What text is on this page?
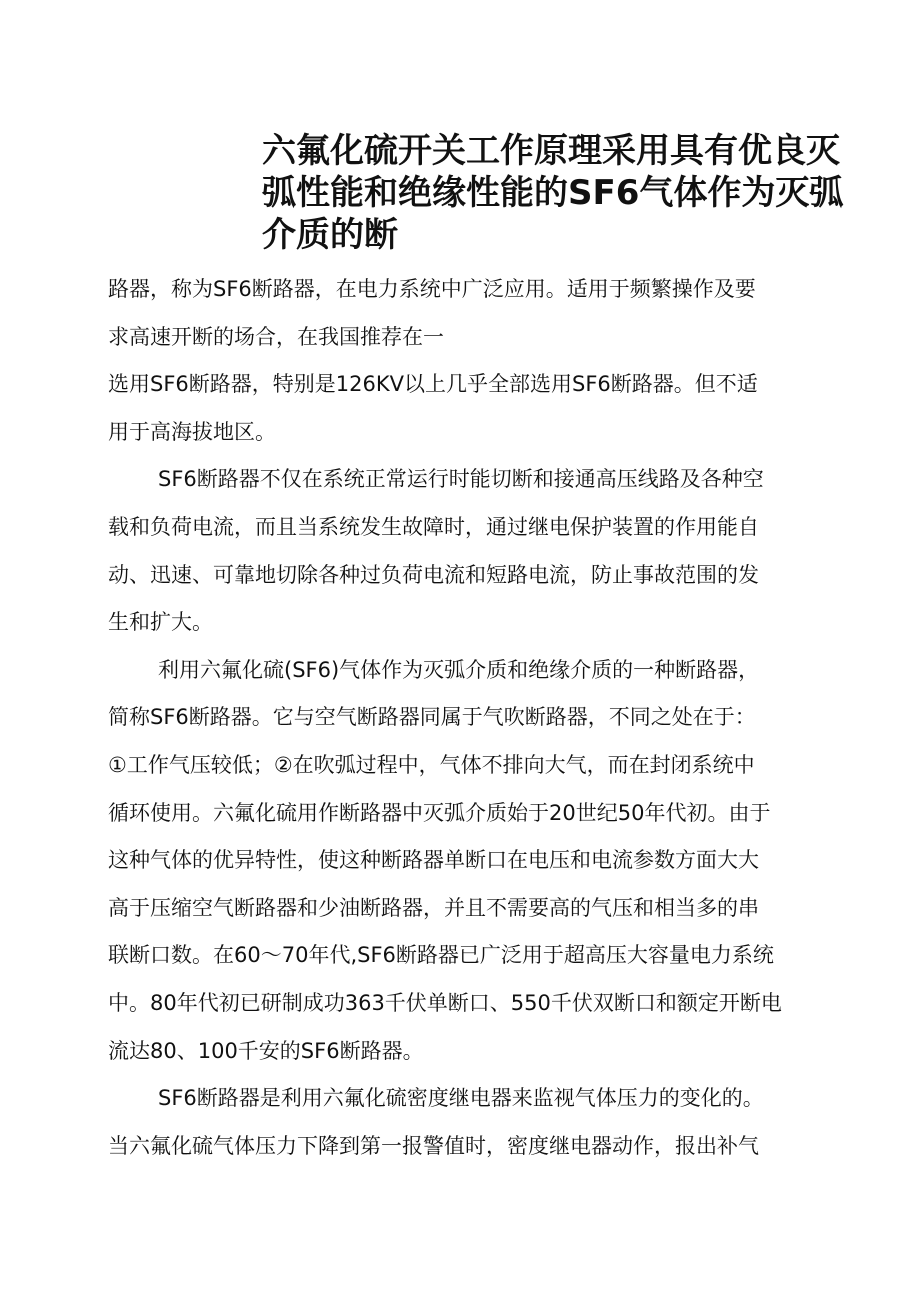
六氟化硫开关工作原理采用具有优良灭
弧性能和绝缘性能的SF6气体作为灭弧
介质的断
路器，称为SF6断路器，在电力系统中广泛应用。适用于频繁操作及要
求高速开断的场合，在我国推荐在一
选用SF6断路器，特别是126KV以上几乎全部选用SF6断路器。但不适
用于高海拔地区。
SF6断路器不仅在系统正常运行时能切断和接通高压线路及各种空
载和负荷电流，而且当系统发生故障时，通过继电保护装置的作用能自
动、迅速、可靠地切除各种过负荷电流和短路电流，防止事故范围的发
生和扩大。
利用六氟化硫(SF6)气体作为灭弧介质和绝缘介质的一种断路器，
简称SF6断路器。它与空气断路器同属于气吹断路器，不同之处在于：
①工作气压较低；②在吹弧过程中，气体不排向大气，而在封闭系统中
循环使用。六氟化硫用作断路器中灭弧介质始于20世纪50年代初。由于
这种气体的优异特性，使这种断路器单断口在电压和电流参数方面大大
高于压缩空气断路器和少油断路器，并且不需要高的气压和相当多的串
联断口数。在60～70年代,SF6断路器已广泛用于超高压大容量电力系统
中。80年代初已研制成功363千伏单断口、550千伏双断口和额定开断电
流达80、100千安的SF6断路器。
SF6断路器是利用六氟化硫密度继电器来监视气体压力的变化的。
当六氟化硫气体压力下降到第一报警值时，密度继电器动作，报出补气
